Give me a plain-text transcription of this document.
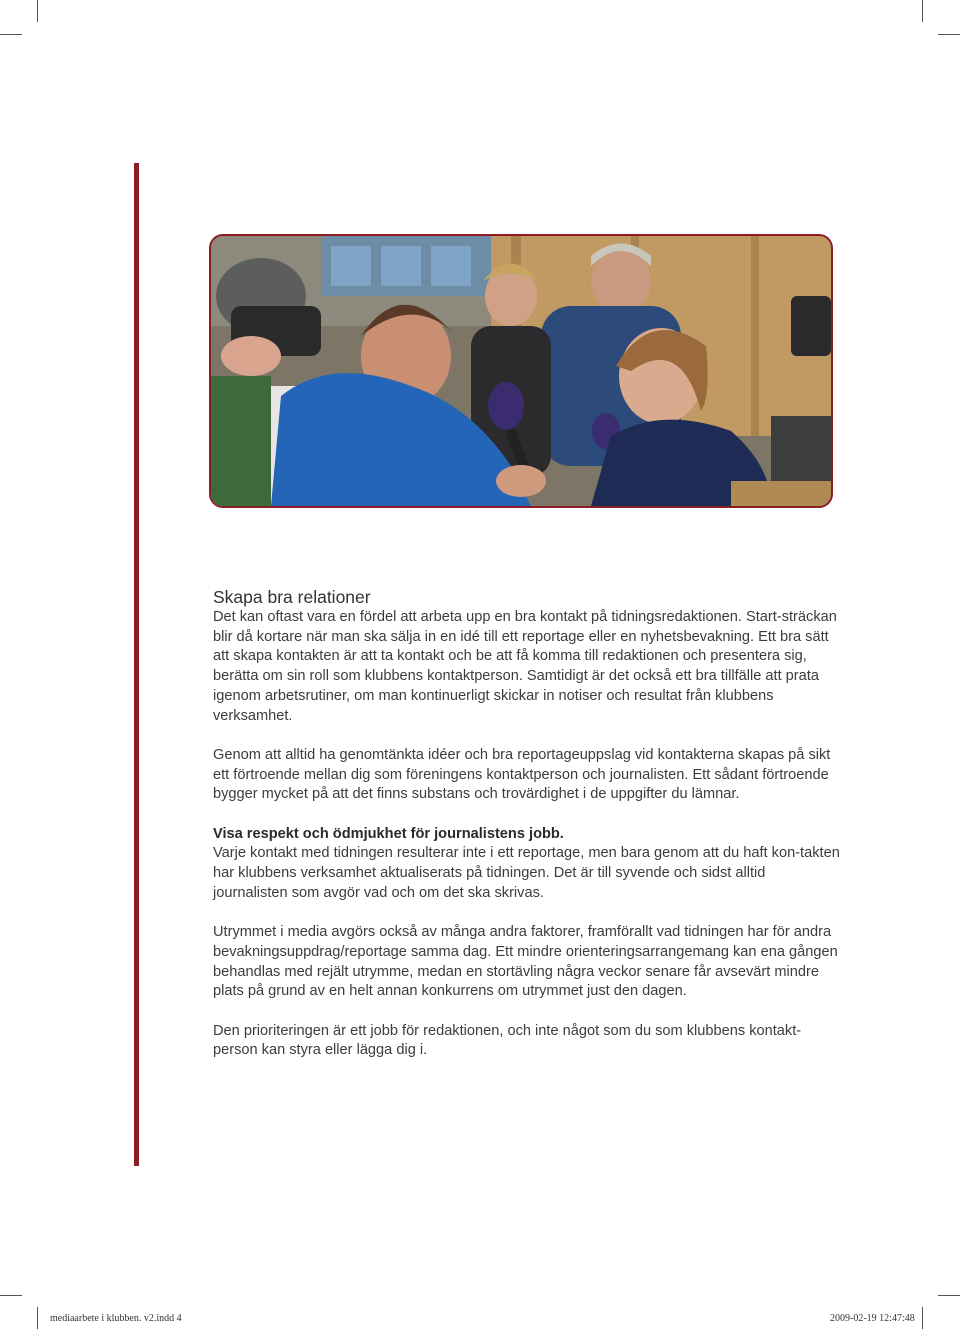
Skapa bra relationer

Det kan oftast vara en fördel att arbeta upp en bra kontakt på tidningsredaktionen. Start-sträckan blir då kortare när man ska sälja in en idé till ett reportage eller en nyhetsbevakning. Ett bra sätt att skapa kontakten är att ta kontakt och be att få komma till redaktionen och presentera sig, berätta om sin roll som klubbens kontaktperson. Samtidigt är det också ett bra tillfälle att prata igenom arbetsrutiner, om man kontinuerligt skickar in notiser och resultat från klubbens verksamhet.

Genom att alltid ha genomtänkta idéer och bra reportageuppslag vid kontakterna skapas på sikt ett förtroende mellan dig som föreningens kontaktperson och journalisten. Ett sådant förtroende bygger mycket på att det finns substans och trovärdighet i de uppgifter du lämnar.

Visa respekt och ödmjukhet för journalistens jobb.
Varje kontakt med tidningen resulterar inte i ett reportage, men bara genom att du haft kon-takten har klubbens verksamhet aktualiserats på tidningen. Det är till syvende och sidst alltid journalisten som avgör vad och om det ska skrivas.

Utrymmet i media avgörs också av många andra faktorer, framförallt vad tidningen har för andra bevakningsuppdrag/reportage samma dag. Ett mindre orienteringsarrangemang kan ena gången behandlas med rejält utrymme, medan en stortävling några veckor senare får avsevärt mindre plats på grund av en helt annan konkurrens om utrymmet just den dagen.

Den prioriteringen är ett jobb för redaktionen, och inte något som du som klubbens kontakt-person kan styra eller lägga dig i.

mediaarbete i klubben. v2.indd 4	2009-02-19 12:47:48
